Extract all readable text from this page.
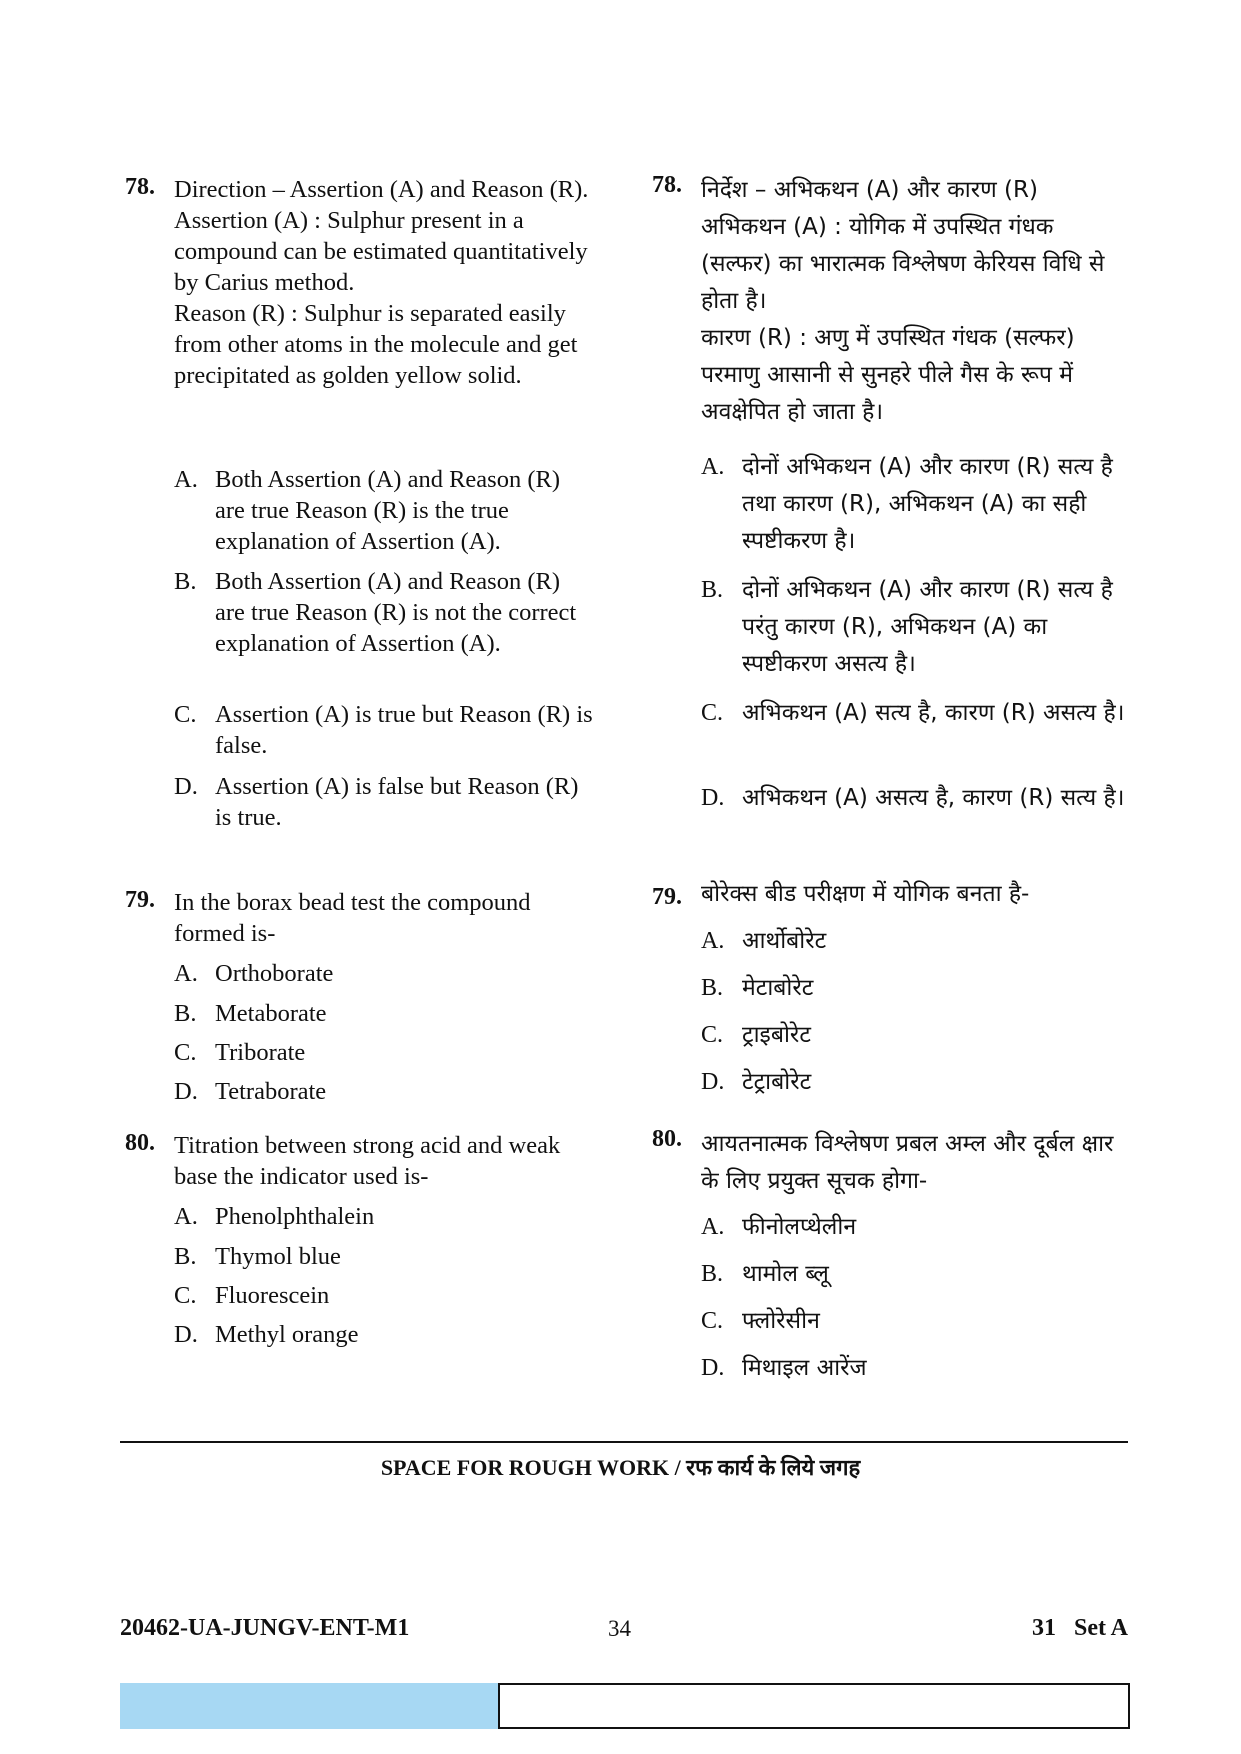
78. Direction – Assertion (A) and Reason (R).

Assertion (A) : Sulphur present in a compound can be estimated quantitatively by Carius method.

Reason (R) : Sulphur is separated easily from other atoms in the molecule and get precipitated as golden yellow solid.

A. Both Assertion (A) and Reason (R) are true Reason (R) is the true explanation of Assertion (A).
B. Both Assertion (A) and Reason (R) are true Reason (R) is not the correct explanation of Assertion (A).
C. Assertion (A) is true but Reason (R) is false.
D. Assertion (A) is false but Reason (R) is true.
78. निर्देश – अभिकथन (A) और कारण (R)

अभिकथन (A) : योगिक में उपस्थित गंधक (सल्फर) का भारात्मक विश्लेषण केरियस विधि से होता है।

कारण (R) : अणु में उपस्थित गंधक (सल्फर) परमाणु आसानी से सुनहरे पीले गैस के रूप में अवक्षेपित हो जाता है।

A. दोनों अभिकथन (A) और कारण (R) सत्य है तथा कारण (R), अभिकथन (A) का सही स्पष्टीकरण है।
B. दोनों अभिकथन (A) और कारण (R) सत्य है परंतु कारण (R), अभिकथन (A) का स्पष्टीकरण असत्य है।
C. अभिकथन (A) सत्य है, कारण (R) असत्य है।
D. अभिकथन (A) असत्य है, कारण (R) सत्य है।
79. In the borax bead test the compound formed is-

A. Orthoborate
B. Metaborate
C. Triborate
D. Tetraborate
79. बोरेक्स बीड परीक्षण में योगिक बनता है-

A. आर्थोबोरेट
B. मेटाबोरेट
C. ट्राइबोरेट
D. टेट्राबोरेट
80. Titration between strong acid and weak base the indicator used is-

A. Phenolphthalein
B. Thymol blue
C. Fluorescein
D. Methyl orange
80. आयतनात्मक विश्लेषण प्रबल अम्ल और दूर्बल क्षार के लिए प्रयुक्त सूचक होगा-

A. फीनोलप्थेलीन
B. थामोल ब्लू
C. फ्लोरेसीन
D. मिथाइल आरेंज
SPACE FOR ROUGH WORK / रफ कार्य के लिये जगह
20462-UA-JUNGV-ENT-M1	34	31   Set A
